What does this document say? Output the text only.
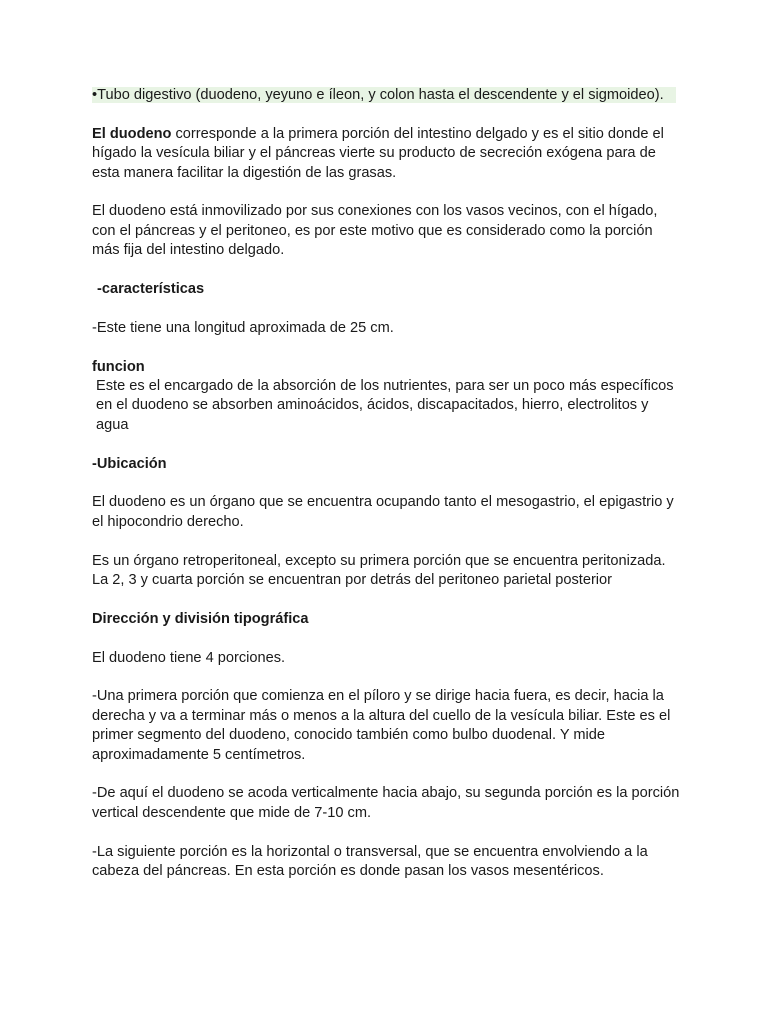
•Tubo digestivo (duodeno, yeyuno e íleon, y colon hasta el descendente y el sigmoideo).

El duodeno corresponde a la primera porción del intestino delgado y es el sitio donde el hígado la vesícula biliar y el páncreas vierte su producto de secreción exógena para de esta manera facilitar la digestión de las grasas.

El duodeno está inmovilizado por sus conexiones con los vasos vecinos, con el hígado, con el páncreas y el peritoneo, es por este motivo que es considerado como la porción más fija del intestino delgado.

-características

-Este tiene una longitud aproximada de 25 cm.

funcion

Este es el encargado de la absorción de los nutrientes, para ser un poco más específicos en el duodeno se absorben aminoácidos, ácidos, discapacitados, hierro, electrolitos y agua

-Ubicación

El duodeno es un órgano que se encuentra ocupando tanto el mesogastrio, el epigastrio y el hipocondrio derecho.

Es un órgano retroperitoneal, excepto su primera porción que se encuentra peritonizada. La 2, 3 y cuarta porción se encuentran por detrás del peritoneo parietal posterior

Dirección y división tipográfica

El duodeno tiene 4 porciones.

-Una primera porción que comienza en el píloro y se dirige hacia fuera, es decir, hacia la derecha y va a terminar más o menos a la altura del cuello de la vesícula biliar. Este es el primer segmento del duodeno, conocido también como bulbo duodenal. Y mide aproximadamente 5 centímetros.

-De aquí el duodeno se acoda verticalmente hacia abajo, su segunda porción es la porción vertical descendente que mide de 7-10 cm.

-La siguiente porción es la horizontal o transversal, que se encuentra envolviendo a la cabeza del páncreas. En esta porción es donde pasan los vasos mesentéricos.
